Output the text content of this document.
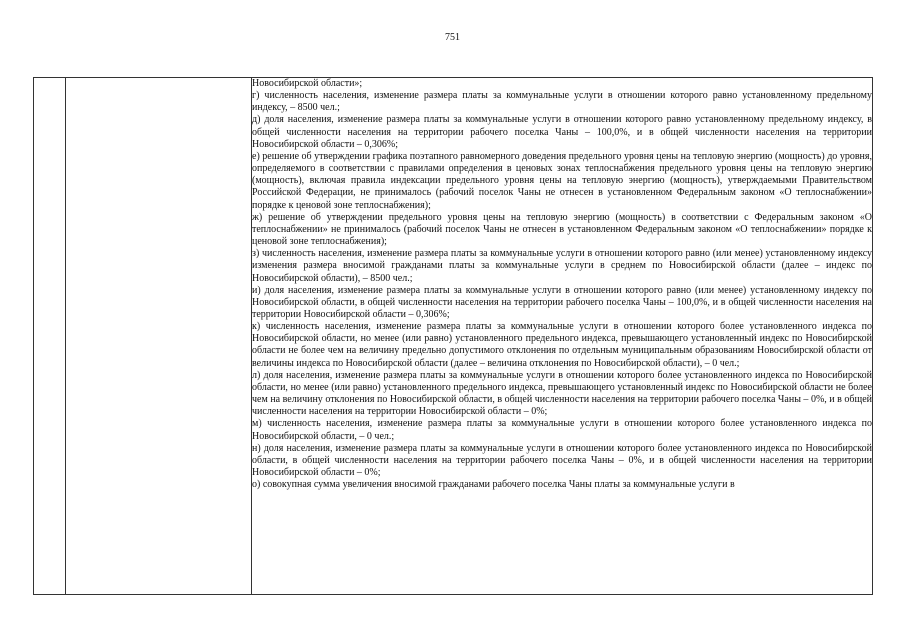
751

Новосибирской области»;

г) численность населения, изменение размера платы за коммунальные услуги в отношении которого равно установленному предельному индексу, – 8500 чел.;

д) доля населения, изменение размера платы за коммунальные услуги в отношении которого равно установленному предельному индексу, в общей численности населения на территории рабочего поселка Чаны – 100,0%, и в общей численности населения на территории Новосибирской области – 0,306%;

е) решение об утверждении графика поэтапного равномерного доведения предельного уровня цены на тепловую энергию (мощность) до уровня, определяемого в соответствии с правилами определения в ценовых зонах теплоснабжения предельного уровня цены на тепловую энергию (мощность), включая правила индексации предельного уровня цены на тепловую энергию (мощность), утверждаемыми Правительством Российской Федерации, не принималось (рабочий поселок Чаны не отнесен в установленном Федеральным законом «О теплоснабжении» порядке к ценовой зоне теплоснабжения);

ж) решение об утверждении предельного уровня цены на тепловую энергию (мощность) в соответствии с Федеральным законом «О теплоснабжении» не принималось (рабочий поселок Чаны не отнесен в установленном Федеральным законом «О теплоснабжении» порядке к ценовой зоне теплоснабжения);

з) численность населения, изменение размера платы за коммунальные услуги в отношении которого равно (или менее) установленному индексу изменения размера вносимой гражданами платы за коммунальные услуги в среднем по Новосибирской области (далее – индекс по Новосибирской области), – 8500 чел.;

и) доля населения, изменение размера платы за коммунальные услуги в отношении которого равно (или менее) установленному индексу по Новосибирской области, в общей численности населения на территории рабочего поселка Чаны – 100,0%, и в общей численности населения на территории Новосибирской области – 0,306%;

к) численность населения, изменение размера платы за коммунальные услуги в отношении которого более установленного индекса по Новосибирской области, но менее (или равно) установленного предельного индекса, превышающего установленный индекс по Новосибирской области не более чем на величину предельно допустимого отклонения по отдельным муниципальным образованиям Новосибирской области от величины индекса по Новосибирской области (далее – величина отклонения по Новосибирской области), – 0 чел.;

л) доля населения, изменение размера платы за коммунальные услуги в отношении которого более установленного индекса по Новосибирской области, но менее (или равно) установленного предельного индекса, превышающего установленный индекс по Новосибирской области не более чем на величину отклонения по Новосибирской области, в общей численности населения на территории рабочего поселка Чаны – 0%, и в общей численности населения на территории Новосибирской области – 0%;

м) численность населения, изменение размера платы за коммунальные услуги в отношении которого более установленного индекса по Новосибирской области, – 0 чел.;

н) доля населения, изменение размера платы за коммунальные услуги в отношении которого более установленного индекса по Новосибирской области, в общей численности населения на территории рабочего поселка Чаны – 0%, и в общей численности населения на территории Новосибирской области – 0%;

о) совокупная сумма увеличения вносимой гражданами рабочего поселка Чаны платы за коммунальные услуги в
